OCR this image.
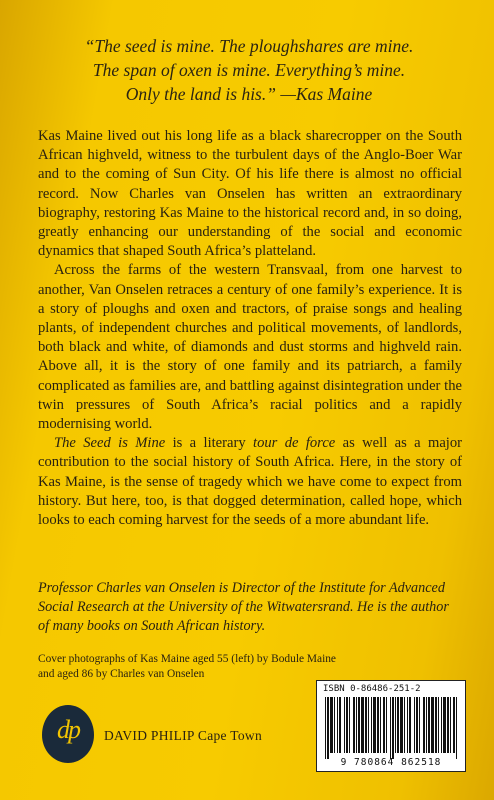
“The seed is mine. The ploughshares are mine.
The span of oxen is mine. Everything’s mine.
Only the land is his.” —Kas Maine

Kas Maine lived out his long life as a black sharecropper on the South African highveld, witness to the turbulent days of the Anglo-Boer War and to the coming of Sun City. Of his life there is almost no official record. Now Charles van Onselen has written an extraordinary biography, restoring Kas Maine to the historical record and, in so doing, greatly enhancing our understanding of the social and economic dynamics that shaped South Africa’s platteland.

Across the farms of the western Transvaal, from one harvest to another, Van Onselen retraces a century of one family’s experience. It is a story of ploughs and oxen and tractors, of praise songs and healing plants, of independent churches and political movements, of landlords, both black and white, of diamonds and dust storms and highveld rain. Above all, it is the story of one family and its patriarch, a family complicated as families are, and battling against disintegration under the twin pressures of South Africa’s racial politics and a rapidly modernising world.

The Seed is Mine is a literary tour de force as well as a major contribution to the social history of South Africa. Here, in the story of Kas Maine, is the sense of tragedy which we have come to expect from history. But here, too, is that dogged determination, called hope, which looks to each coming harvest for the seeds of a more abundant life.

Professor Charles van Onselen is Director of the Institute for Advanced Social Research at the University of the Witwatersrand. He is the author of many books on South African history.
Cover photographs of Kas Maine aged 55 (left) by Bodule Maine and aged 86 by Charles van Onselen
ISBN 0-86486-251-2
9 780864 862518
dp	DAVID PHILIP Cape Town
